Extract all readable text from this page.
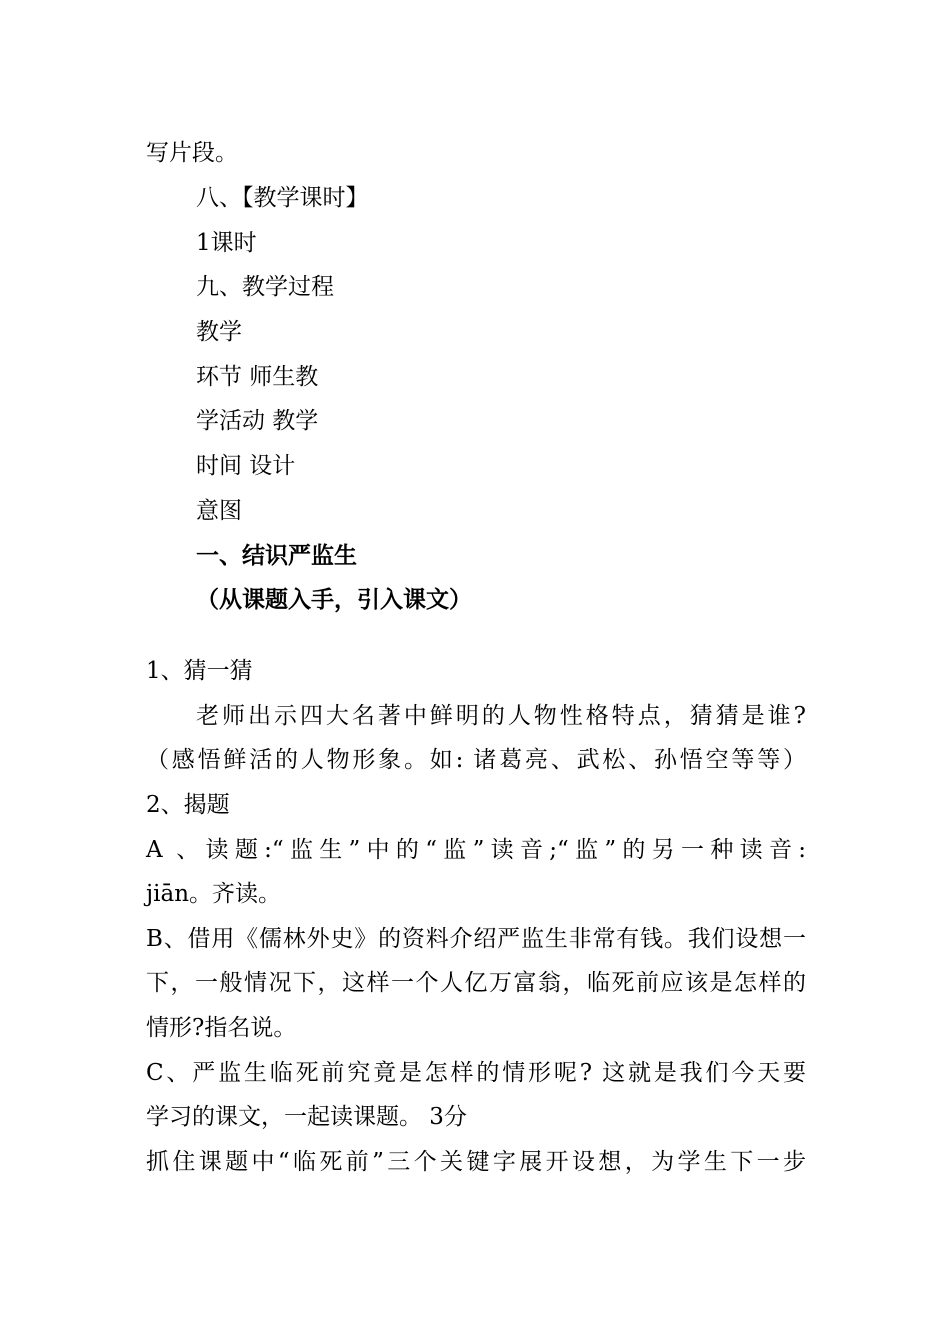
写片段。
八、【教学课时】
1课时
九、教学过程
教学
环节 师生教
学活动 教学
时间 设计
意图
一、结识严监生
（从课题入手，引入课文）
1、猜一猜
老师出示四大名著中鲜明的人物性格特点，猜猜是谁?
（感悟鲜活的人物形象。如: 诸葛亮、武松、孙悟空等等）
2、揭题
A 、读题:“监生”中的“监”读音;“监”的另一种读音:
jiān。齐读。
B、借用《儒林外史》的资料介绍严监生非常有钱。我们设想一
下，一般情况下，这样一个人亿万富翁，临死前应该是怎样的
情形?指名说。
C、严监生临死前究竟是怎样的情形呢? 这就是我们今天要
学习的课文，一起读课题。 3分
抓住课题中“临死前”三个关键字展开设想，为学生下一步
